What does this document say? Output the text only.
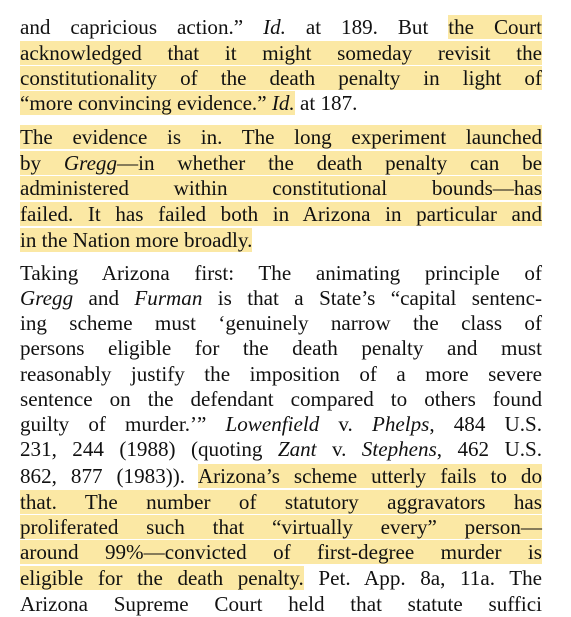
and capricious action.” Id. at 189. But the Court
acknowledged that it might someday revisit the
constitutionality of the death penalty in light of
“more convincing evidence.” Id. at 187.
The evidence is in. The long experiment launched
by Gregg—in whether the death penalty can be
administered within constitutional bounds—has
failed. It has failed both in Arizona in particular and
in the Nation more broadly.
Taking Arizona first: The animating principle of
Gregg and Furman is that a State’s “capital sentenc-
ing scheme must ‘genuinely narrow the class of
persons eligible for the death penalty and must
reasonably justify the imposition of a more severe
sentence on the defendant compared to others found
guilty of murder.’” Lowenfield v. Phelps, 484 U.S.
231, 244 (1988) (quoting Zant v. Stephens, 462 U.S.
862, 877 (1983)). Arizona’s scheme utterly fails to do
that. The number of statutory aggravators has
proliferated such that “virtually every” person—
around 99%—convicted of first-degree murder is
eligible for the death penalty. Pet. App. 8a, 11a. The
Arizona Supreme Court held that statute suffici
